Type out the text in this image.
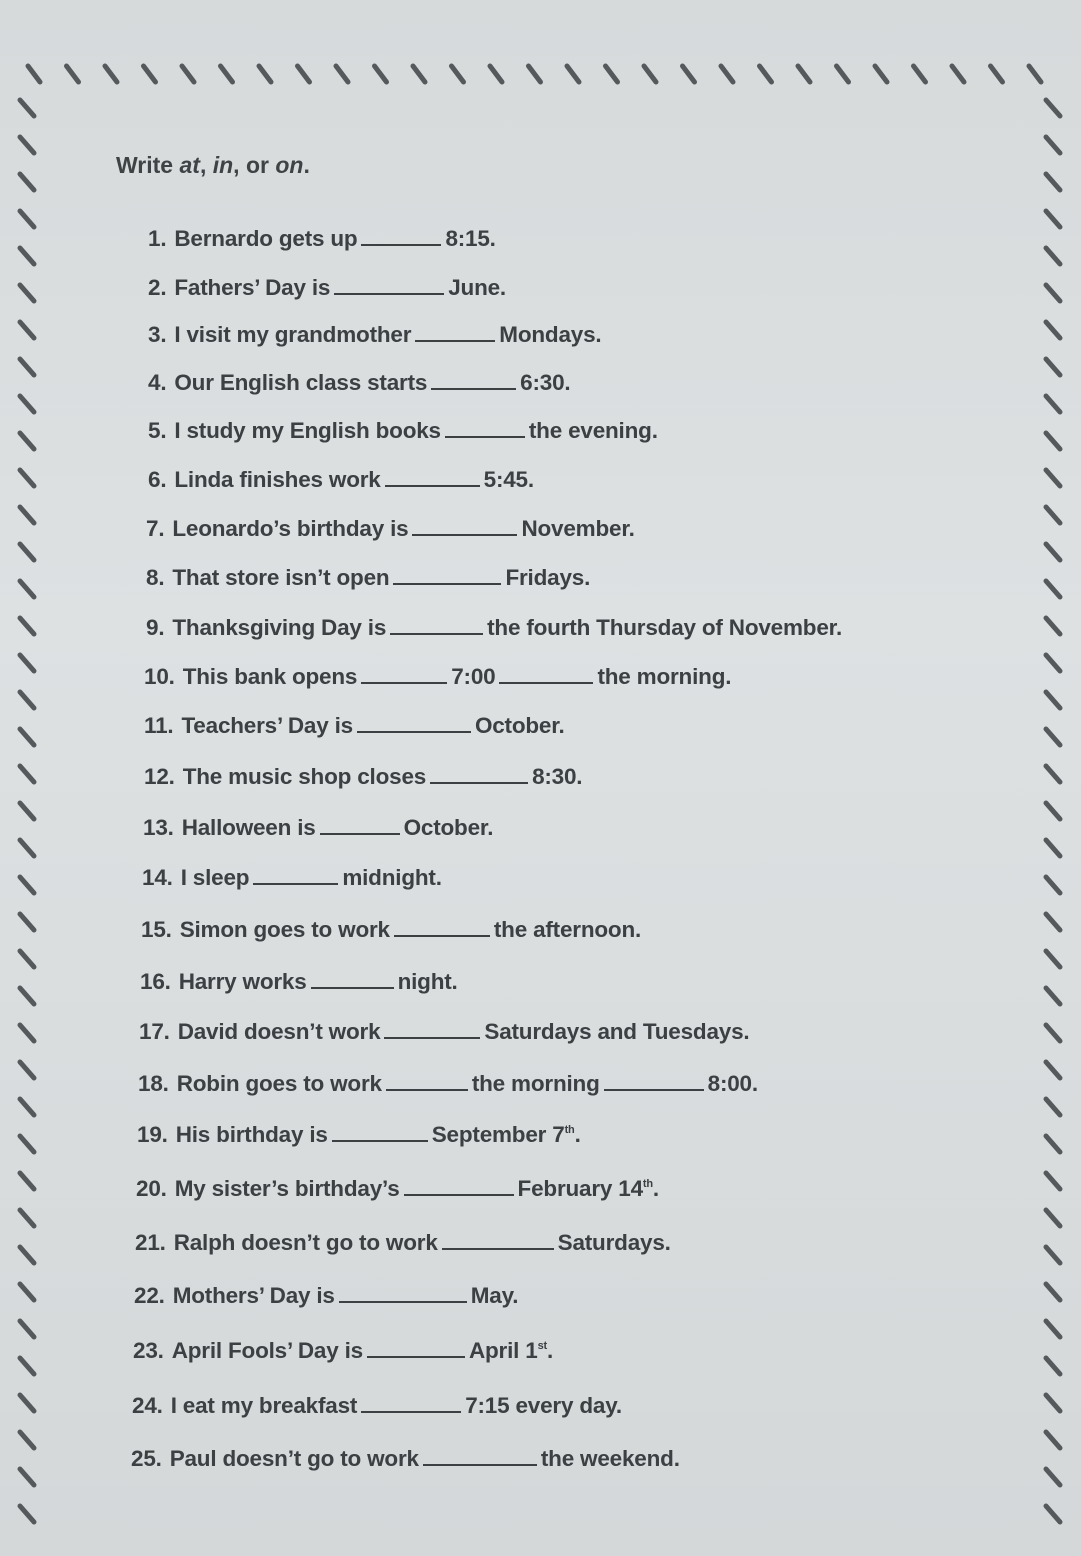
Write at, in, or on.
1. Bernardo gets up	8:15.
2. Fathers’ Day is	June.
3. I visit my grandmother	Mondays.
4. Our English class starts	6:30.
5. I study my English books	the evening.
6. Linda finishes work	5:45.
7. Leonardo’s birthday is	November.
8. That store isn’t open	Fridays.
9. Thanksgiving Day is	the fourth Thursday of November.
10. This bank opens	7:00	the morning.
11. Teachers’ Day is	October.
12. The music shop closes	8:30.
13. Halloween is	October.
14. I sleep	midnight.
15. Simon goes to work	the afternoon.
16. Harry works	night.
17. David doesn’t work	Saturdays and Tuesdays.
18. Robin goes to work	the morning	8:00.
19. His birthday is	September 7th.
20. My sister’s birthday’s	February 14th.
21. Ralph doesn’t go to work	Saturdays.
22. Mothers’ Day is	May.
23. April Fools’ Day is	April 1st.
24. I eat my breakfast	7:15 every day.
25. Paul doesn’t go to work	the weekend.
